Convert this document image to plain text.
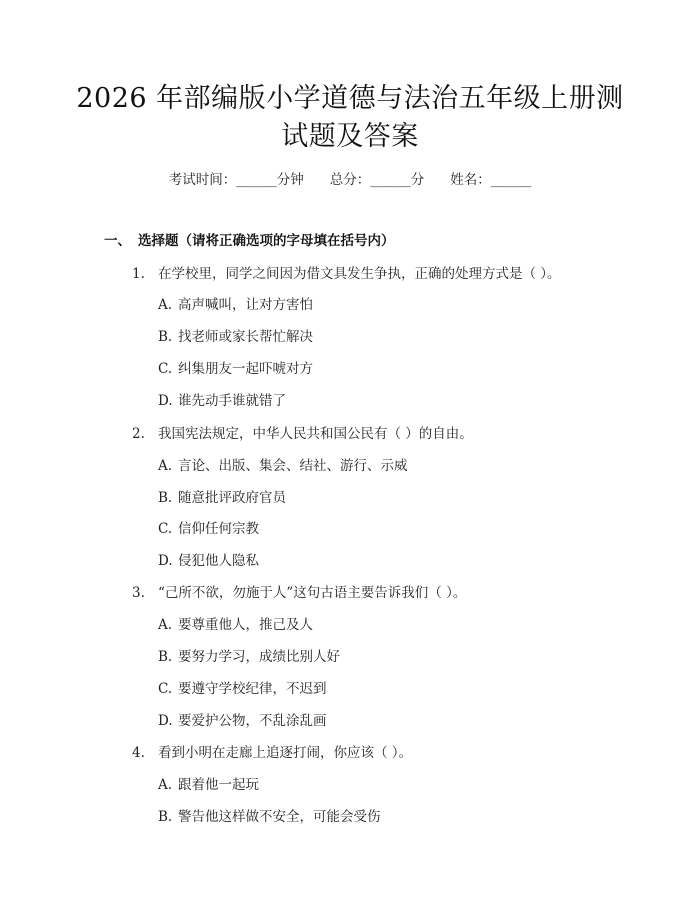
2026 年部编版小学道德与法治五年级上册测
试题及答案
考试时间：______分钟 总分：______分 姓名：______
一、 选择题（请将正确选项的字母填在括号内）
1. 在学校里，同学之间因为借文具发生争执，正确的处理方式是（ ）。
A. 高声喊叫，让对方害怕
B. 找老师或家长帮忙解决
C. 纠集朋友一起吓唬对方
D. 谁先动手谁就错了
2. 我国宪法规定，中华人民共和国公民有（ ）的自由。
A. 言论、出版、集会、结社、游行、示威
B. 随意批评政府官员
C. 信仰任何宗教
D. 侵犯他人隐私
3. “己所不欲，勿施于人”这句古语主要告诉我们（ ）。
A. 要尊重他人，推己及人
B. 要努力学习，成绩比别人好
C. 要遵守学校纪律，不迟到
D. 要爱护公物，不乱涂乱画
4. 看到小明在走廊上追逐打闹，你应该（ ）。
A. 跟着他一起玩
B. 警告他这样做不安全，可能会受伤
